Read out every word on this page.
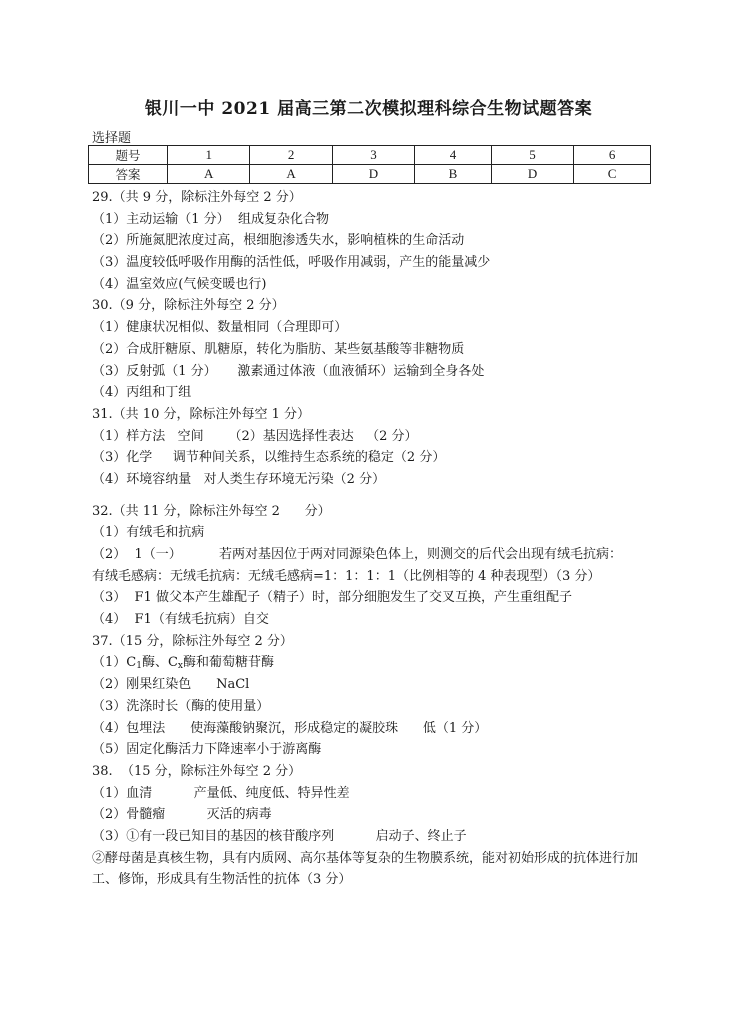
银川一中 2021 届高三第二次模拟理科综合生物试题答案
选择题
题号	1	2	3	4	5	6
答案	A	A	D	B	D	C
29.（共 9 分，除标注外每空 2 分）
（1）主动运输（1 分）  组成复杂化合物
（2）所施氮肥浓度过高，根细胞渗透失水，影响植株的生命活动
（3）温度较低呼吸作用酶的活性低，呼吸作用减弱，产生的能量减少
（4）温室效应(气候变暖也行)
30.（9 分，除标注外每空 2 分）
（1）健康状况相似、数量相同（合理即可）
（2）合成肝糖原、肌糖原，转化为脂肪、某些氨基酸等非糖物质
（3）反射弧（1 分）     激素通过体液（血液循环）运输到全身各处
（4）丙组和丁组
31.（共 10 分，除标注外每空 1 分）
（1）样方法   空间      （2）基因选择性表达   （2 分）
（3）化学     调节种间关系，以维持生态系统的稳定（2 分）
（4）环境容纳量   对人类生存环境无污染（2 分）
32.（共 11 分，除标注外每空 2      分）
（1）有绒毛和抗病
（2）  1（一）         若两对基因位于两对同源染色体上，则测交的后代会出现有绒毛抗病：
有绒毛感病：无绒毛抗病：无绒毛感病=1：1：1：1（比例相等的 4 种表现型）（3 分）
（3）  F1 做父本产生雄配子（精子）时，部分细胞发生了交叉互换，产生重组配子
（4）  F1（有绒毛抗病）自交
37.（15 分，除标注外每空 2 分）
$(1)C_1$酶、$C_x$酶和葡萄糖苷酶
（2）刚果红染色      NaCl
（3）洗涤时长（酶的使用量）
（4）包埋法      使海藻酸钠聚沉，形成稳定的凝胶珠      低（1 分）
（5）固定化酶活力下降速率小于游离酶
38.  （15 分，除标注外每空 2 分）
（1）血清          产量低、纯度低、特异性差
（2）骨髓瘤          灭活的病毒
（3）①有一段已知目的基因的核苷酸序列          启动子、终止子
②酵母菌是真核生物，具有内质网、高尔基体等复杂的生物膜系统，能对初始形成的抗体进行加工、修饰，形成具有生物活性的抗体（3 分）
